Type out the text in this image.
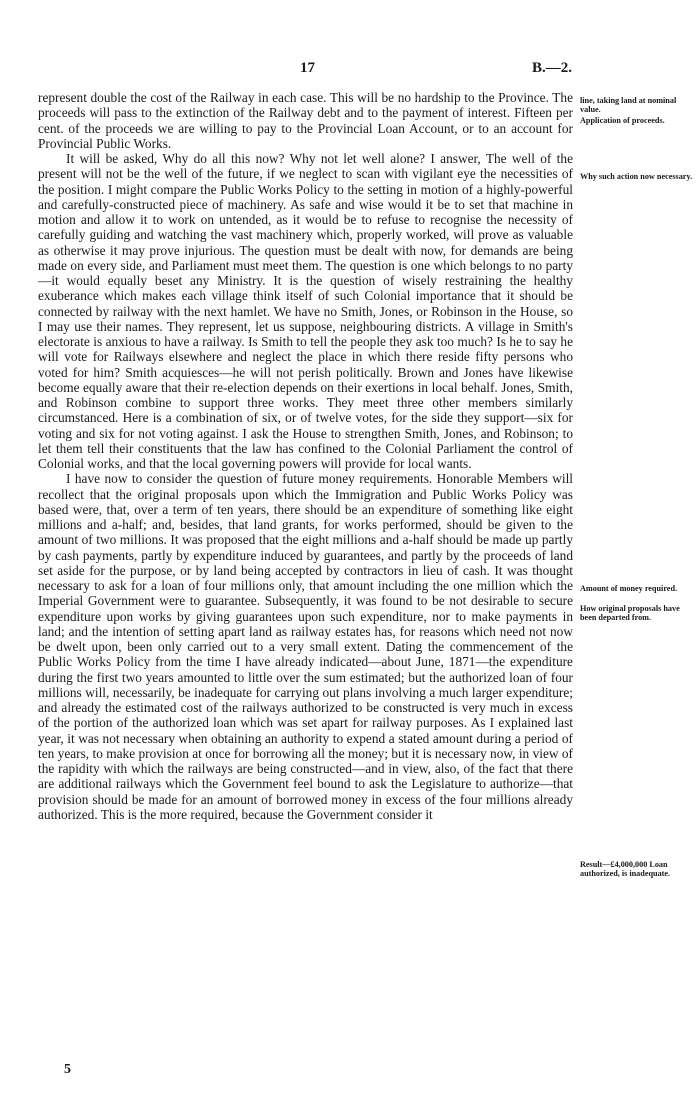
17	B.—2.

represent double the cost of the Railway in each case. This will be no hardship to the Province. The proceeds will pass to the extinction of the Railway debt and to the payment of interest. Fifteen per cent. of the proceeds we are willing to pay to the Provincial Loan Account, or to an account for Provincial Public Works.

It will be asked, Why do all this now? Why not let well alone? I answer, The well of the present will not be the well of the future, if we neglect to scan with vigilant eye the necessities of the position. I might compare the Public Works Policy to the setting in motion of a highly-powerful and carefully-constructed piece of machinery. As safe and wise would it be to set that machine in motion and allow it to work on untended, as it would be to refuse to recognise the necessity of carefully guiding and watching the vast machinery which, properly worked, will prove as valuable as otherwise it may prove injurious. The question must be dealt with now, for demands are being made on every side, and Parliament must meet them. The question is one which belongs to no party—it would equally beset any Ministry. It is the question of wisely restraining the healthy exuberance which makes each village think itself of such Colonial importance that it should be connected by railway with the next hamlet. We have no Smith, Jones, or Robinson in the House, so I may use their names. They represent, let us suppose, neighbouring districts. A village in Smith's electorate is anxious to have a railway. Is Smith to tell the people they ask too much? Is he to say he will vote for Railways elsewhere and neglect the place in which there reside fifty persons who voted for him? Smith acquiesces—he will not perish politically. Brown and Jones have likewise become equally aware that their re-election depends on their exertions in local behalf. Jones, Smith, and Robinson combine to support three works. They meet three other members similarly circumstanced. Here is a combination of six, or of twelve votes, for the side they support—six for voting and six for not voting against. I ask the House to strengthen Smith, Jones, and Robinson; to let them tell their constituents that the law has confined to the Colonial Parliament the control of Colonial works, and that the local governing powers will provide for local wants.

I have now to consider the question of future money requirements. Honorable Members will recollect that the original proposals upon which the Immigration and Public Works Policy was based were, that, over a term of ten years, there should be an expenditure of something like eight millions and a-half; and, besides, that land grants, for works performed, should be given to the amount of two millions. It was proposed that the eight millions and a-half should be made up partly by cash payments, partly by expenditure induced by guarantees, and partly by the proceeds of land set aside for the purpose, or by land being accepted by contractors in lieu of cash. It was thought necessary to ask for a loan of four millions only, that amount including the one million which the Imperial Government were to guarantee. Subsequently, it was found to be not desirable to secure expenditure upon works by giving guarantees upon such expenditure, nor to make payments in land; and the intention of setting apart land as railway estates has, for reasons which need not now be dwelt upon, been only carried out to a very small extent. Dating the commencement of the Public Works Policy from the time I have already indicated—about June, 1871—the expenditure during the first two years amounted to little over the sum estimated; but the authorized loan of four millions will, necessarily, be inadequate for carrying out plans involving a much larger expenditure; and already the estimated cost of the railways authorized to be constructed is very much in excess of the portion of the authorized loan which was set apart for railway purposes. As I explained last year, it was not necessary when obtaining an authority to expend a stated amount during a period of ten years, to make provision at once for borrowing all the money; but it is necessary now, in view of the rapidity with which the railways are being constructed—and in view, also, of the fact that there are additional railways which the Government feel bound to ask the Legislature to authorize—that provision should be made for an amount of borrowed money in excess of the four millions already authorized. This is the more required, because the Government consider it

line, taking land at nominal value.
Application of proceeds.
Why such action now necessary.
Amount of money required.
How original proposals have been departed from.
Result—£4,000,000 Loan authorized, is inadequate.
5
